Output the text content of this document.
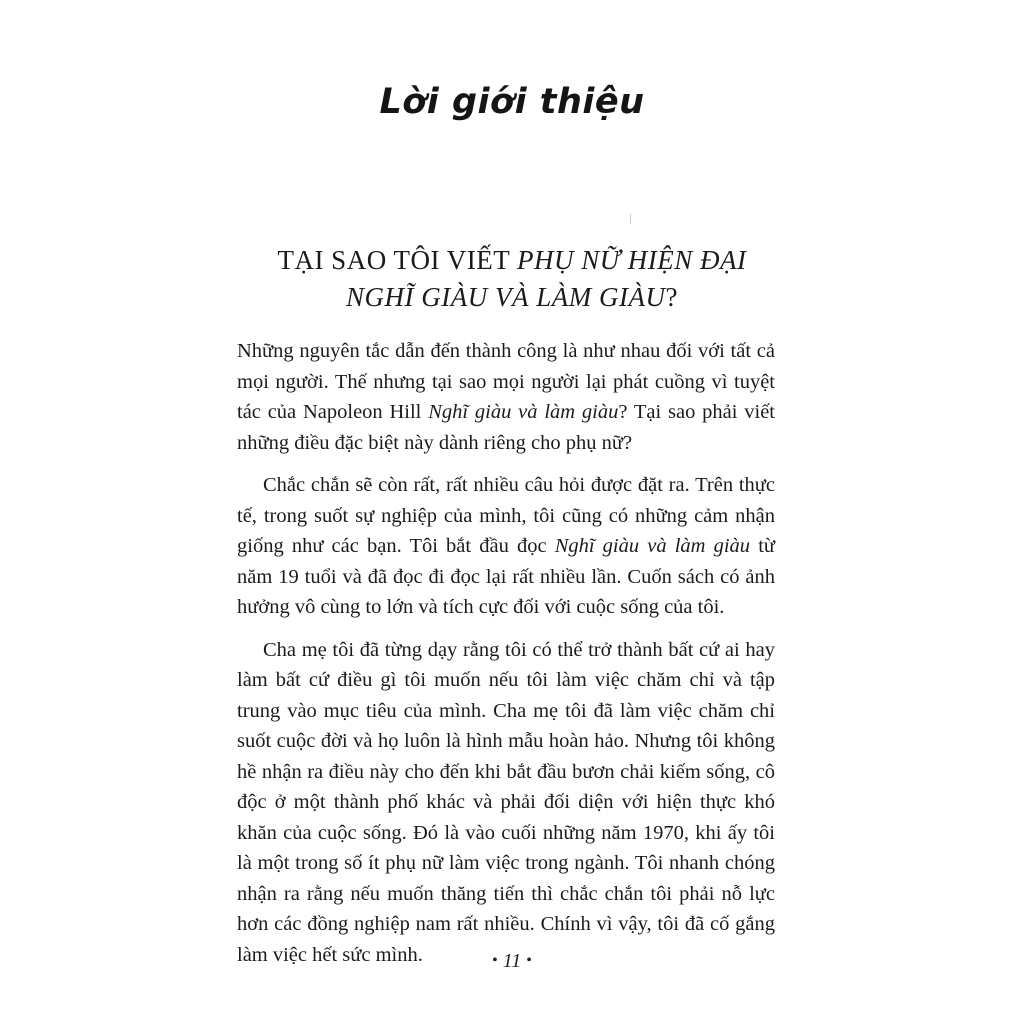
Lời giới thiệu
TẠI SAO TÔI VIẾT PHỤ NỮ HIỆN ĐẠI
NGHĨ GIÀU VÀ LÀM GIÀU?

Những nguyên tắc dẫn đến thành công là như nhau đối với tất cả mọi người. Thế nhưng tại sao mọi người lại phát cuồng vì tuyệt tác của Napoleon Hill Nghĩ giàu và làm giàu? Tại sao phải viết những điều đặc biệt này dành riêng cho phụ nữ?

Chắc chắn sẽ còn rất, rất nhiều câu hỏi được đặt ra. Trên thực tế, trong suốt sự nghiệp của mình, tôi cũng có những cảm nhận giống như các bạn. Tôi bắt đầu đọc Nghĩ giàu và làm giàu từ năm 19 tuổi và đã đọc đi đọc lại rất nhiều lần. Cuốn sách có ảnh hưởng vô cùng to lớn và tích cực đối với cuộc sống của tôi.

Cha mẹ tôi đã từng dạy rằng tôi có thể trở thành bất cứ ai hay làm bất cứ điều gì tôi muốn nếu tôi làm việc chăm chỉ và tập trung vào mục tiêu của mình. Cha mẹ tôi đã làm việc chăm chỉ suốt cuộc đời và họ luôn là hình mẫu hoàn hảo. Nhưng tôi không hề nhận ra điều này cho đến khi bắt đầu bươn chải kiếm sống, cô độc ở một thành phố khác và phải đối diện với hiện thực khó khăn của cuộc sống. Đó là vào cuối những năm 1970, khi ấy tôi là một trong số ít phụ nữ làm việc trong ngành. Tôi nhanh chóng nhận ra rằng nếu muốn thăng tiến thì chắc chắn tôi phải nỗ lực hơn các đồng nghiệp nam rất nhiều. Chính vì vậy, tôi đã cố gắng làm việc hết sức mình.	• 11 •
